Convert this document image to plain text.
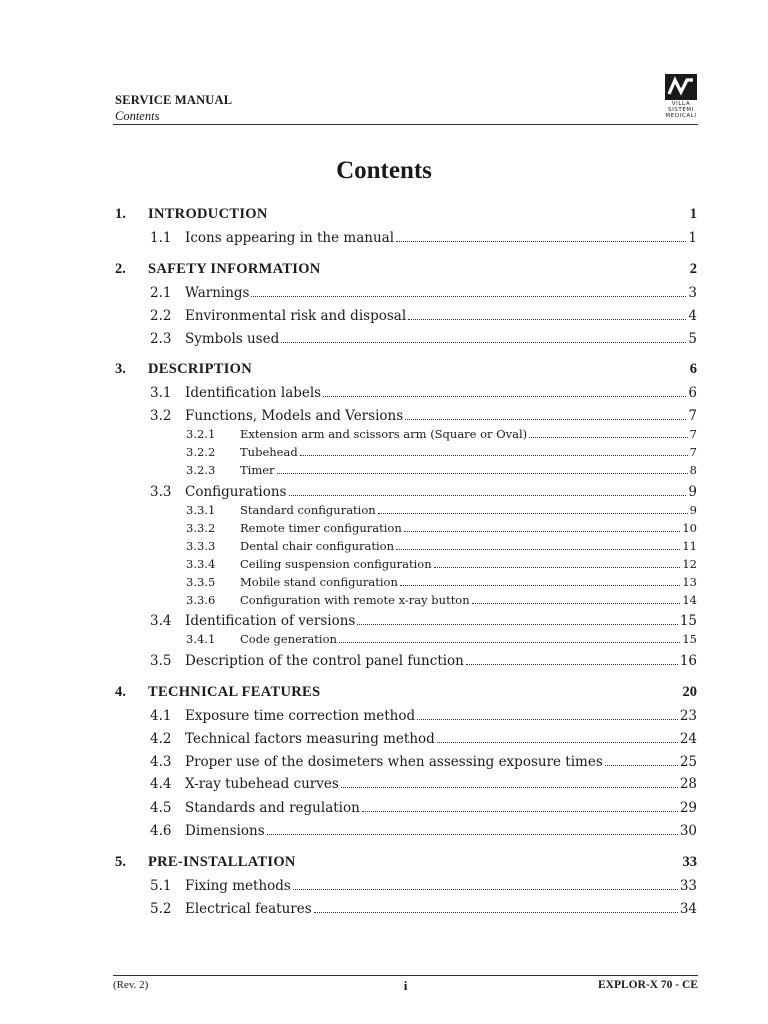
SERVICE MANUAL
Contents
VILLA
SISTEMI
MEDICALI
Contents
1. INTRODUCTION	1
1.1	Icons appearing in the manual	1
2. SAFETY INFORMATION	2
2.1	Warnings	3
2.2	Environmental risk and disposal	4
2.3	Symbols used	5
3. DESCRIPTION	6
3.1	Identification labels	6
3.2	Functions, Models and Versions	7
3.2.1	Extension arm and scissors arm (Square or Oval)	7
3.2.2	Tubehead	7
3.2.3	Timer	8
3.3	Configurations	9
3.3.1	Standard configuration	9
3.3.2	Remote timer configuration	10
3.3.3	Dental chair configuration	11
3.3.4	Ceiling suspension configuration	12
3.3.5	Mobile stand configuration	13
3.3.6	Configuration with remote x-ray button	14
3.4	Identification of versions	15
3.4.1	Code generation	15
3.5	Description of the control panel function	16
4. TECHNICAL FEATURES	20
4.1	Exposure time correction method	23
4.2	Technical factors measuring method	24
4.3	Proper use of the dosimeters when assessing exposure times	25
4.4	X-ray tubehead curves	28
4.5	Standards and regulation	29
4.6	Dimensions	30
5. PRE-INSTALLATION	33
5.1	Fixing methods	33
5.2	Electrical features	34
(Rev. 2)	i	EXPLOR-X 70 - CE
